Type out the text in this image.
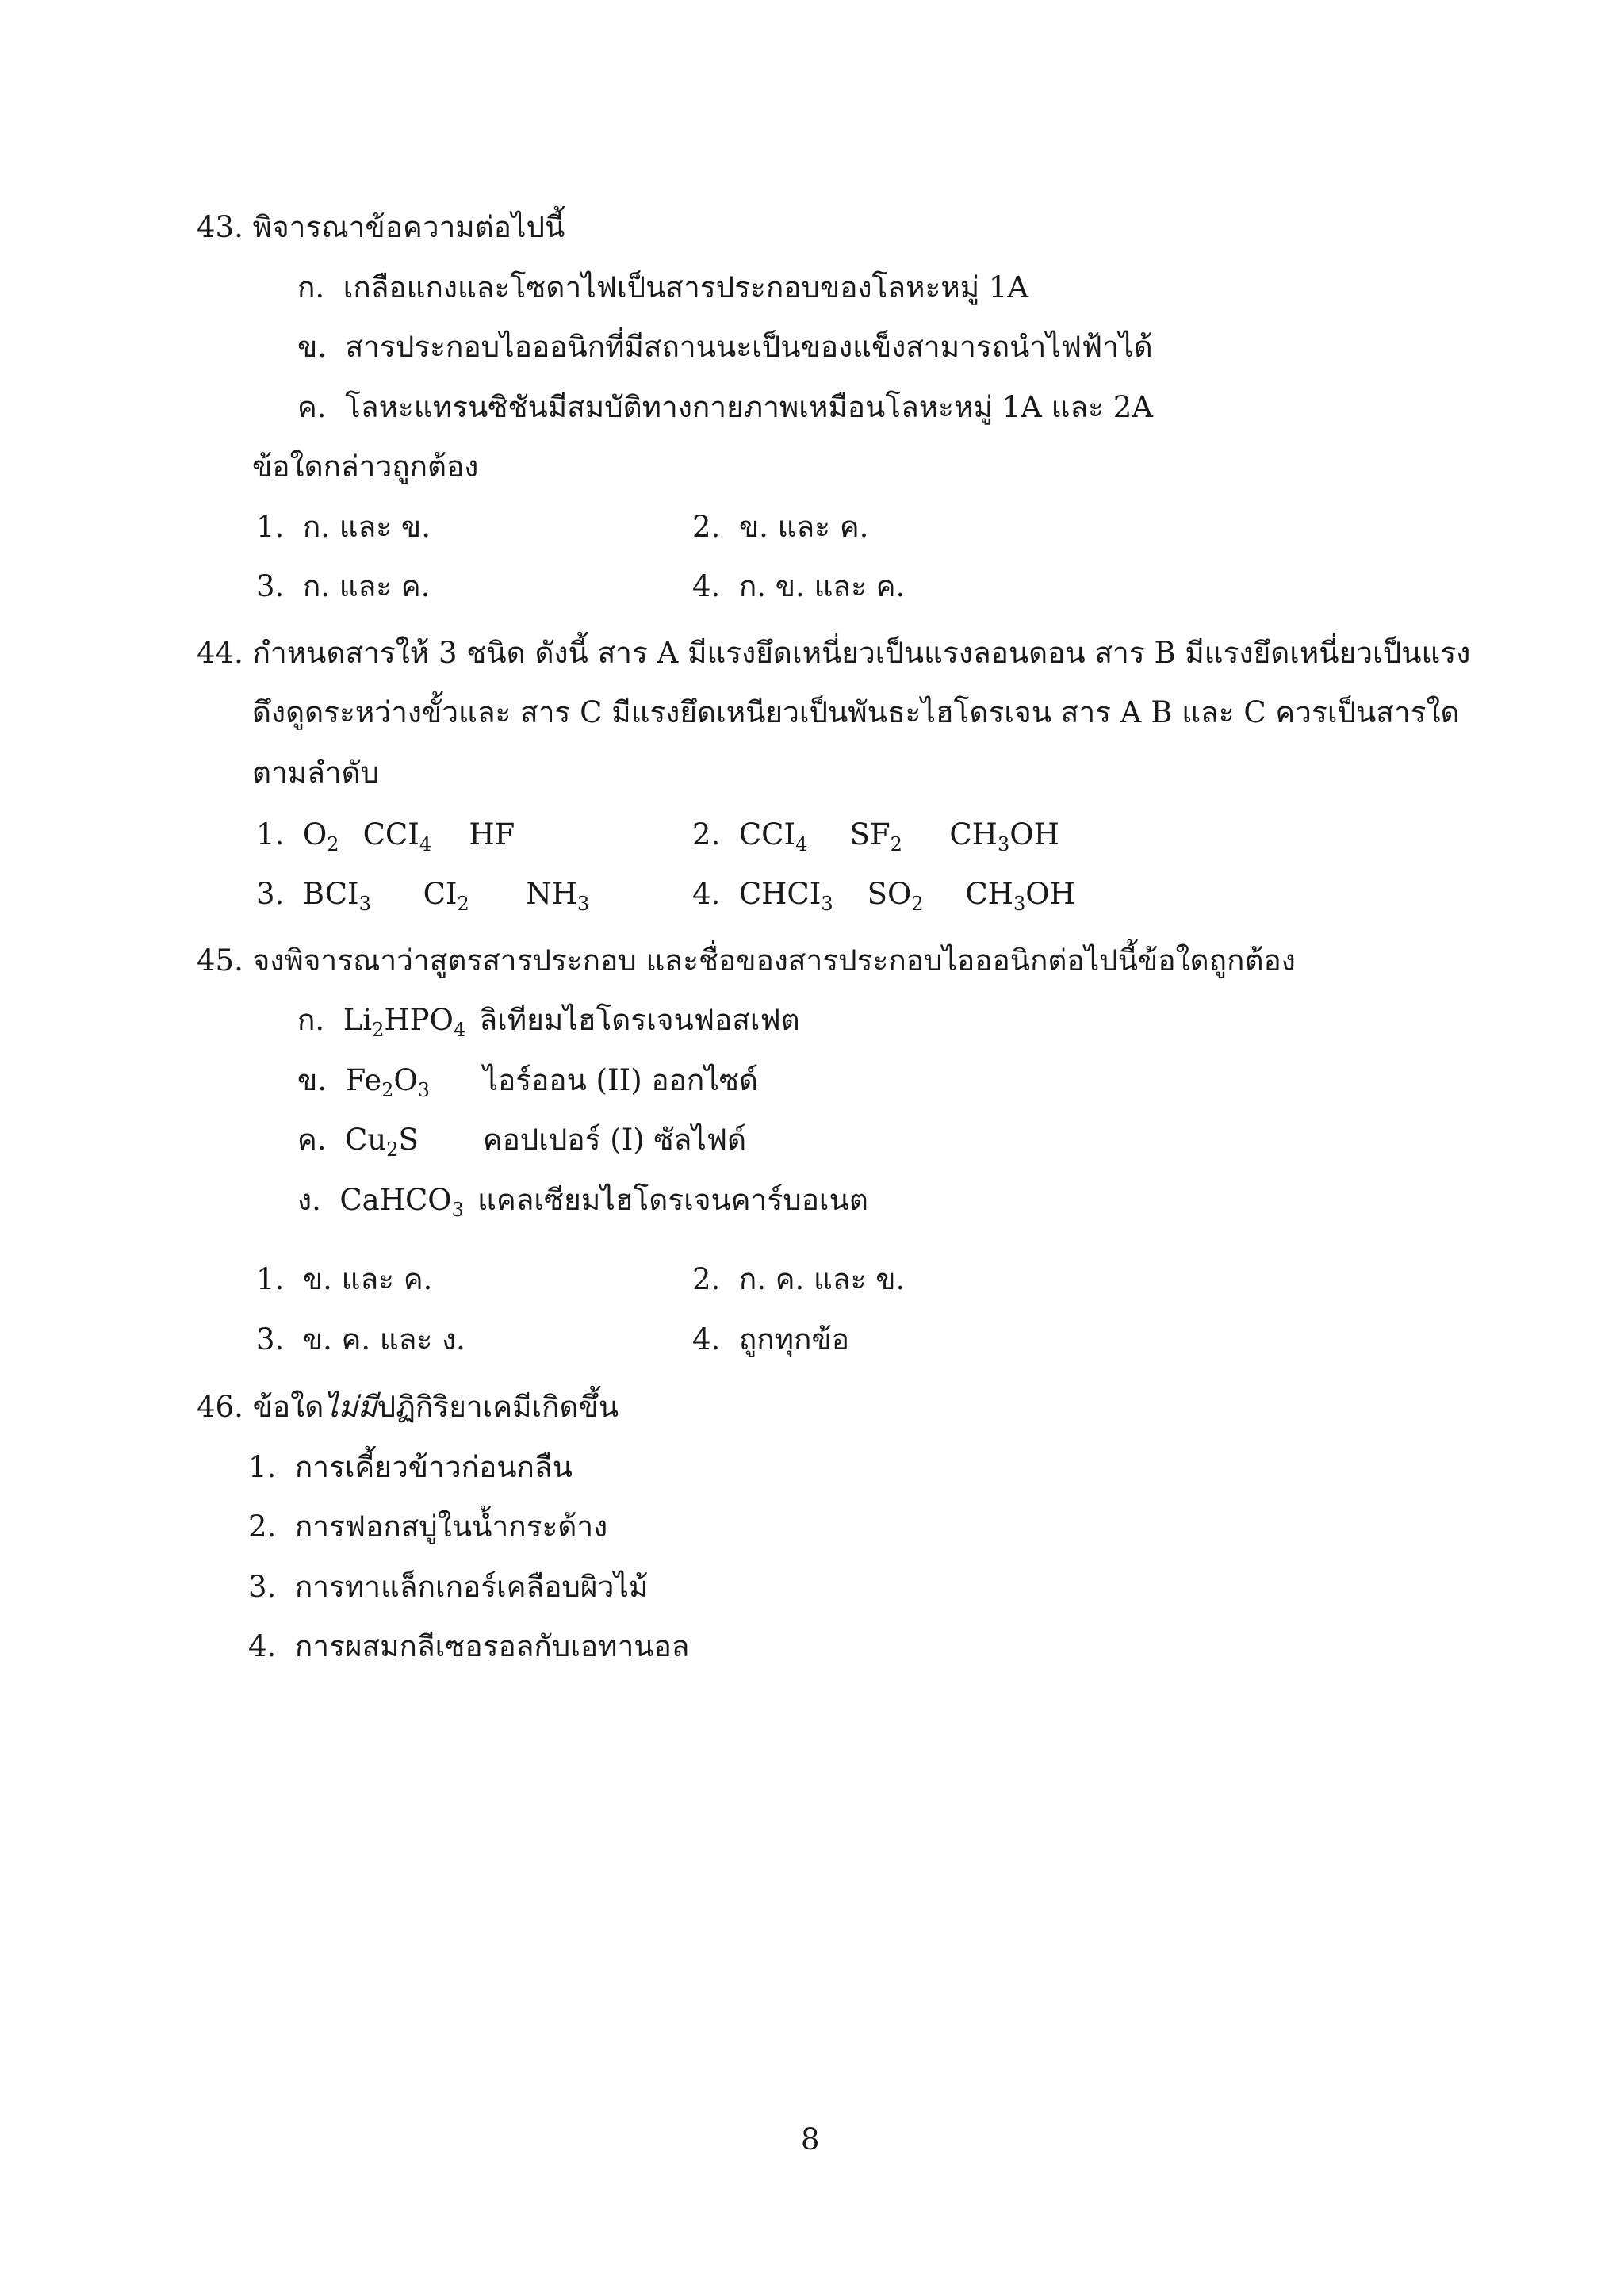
43. พิจารณาข้อความต่อไปนี้
ก. เกลือแกงและโซดาไฟเป็นสารประกอบของโลหะหมู่ 1A
ข. สารประกอบไอออนิกที่มีสถานนะเป็นของแข็งสามารถนำไฟฟ้าได้
ค. โลหะแทรนซิชันมีสมบัติทางกายภาพเหมือนโลหะหมู่ 1A และ 2A
ข้อใดกล่าวถูกต้อง
1. ก. และ ข.	2. ข. และ ค.
3. ก. และ ค.	4. ก. ข. และ ค.
44. กำหนดสารให้ 3 ชนิด ดังนี้ สาร A มีแรงยึดเหนี่ยวเป็นแรงลอนดอน สาร B มีแรงยึดเหนี่ยวเป็นแรง
ดึงดูดระหว่างขั้วและ สาร C มีแรงยึดเหนียวเป็นพันธะไฮโดรเจน สาร A B และ C ควรเป็นสารใด
ตามลำดับ
1. $O_2$ $CCI_4$ HF	2. $CCI_4$ $SF_2$ $CH_3OH$
3. $BCI_3$ $CI_2$ $NH_3$	4. $CHCI_3$ $SO_2$ $CH_3OH$
45. จงพิจารณาว่าสูตรสารประกอบ และชื่อของสารประกอบไอออนิกต่อไปนี้ข้อใดถูกต้อง
ก. $Li_2HPO_4$ ลิเทียมไฮโดรเจนฟอสเฟต
ข. $Fe_2O_3$ ไอร์ออน (II) ออกไซด์
ค. $Cu_2S$ คอปเปอร์ (I) ซัลไฟด์
ง. CaHCO$_3$ แคลเซียมไฮโดรเจนคาร์บอเนต
1. ข. และ ค.	2. ก. ค. และ ข.
3. ข. ค. และ ง.	4. ถูกทุกข้อ
46. ข้อใดไม่มีปฏิกิริยาเคมีเกิดขึ้น
1. การเคี้ยวข้าวก่อนกลืน
2. การฟอกสบู่ในน้ำกระด้าง
3. การทาแล็กเกอร์เคลือบผิวไม้
4. การผสมกลีเซอรอลกับเอทานอล
8
